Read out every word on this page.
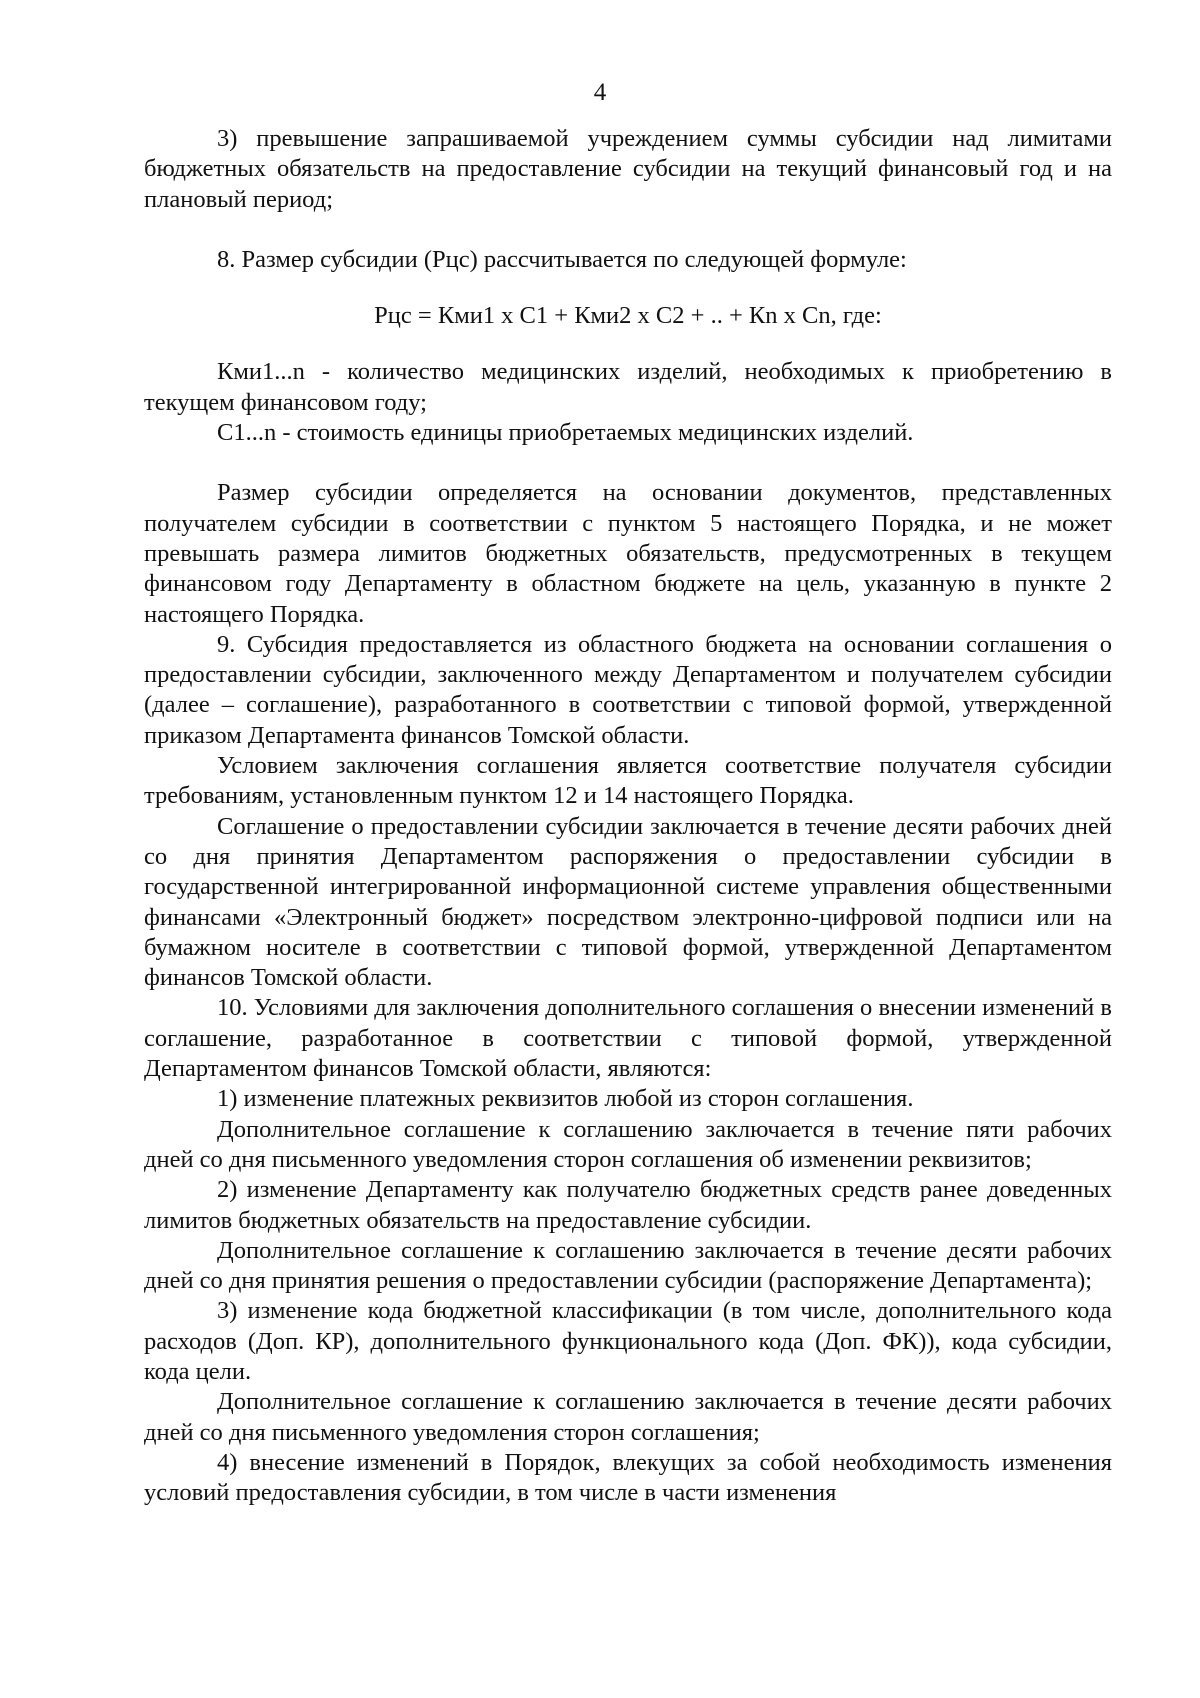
4

3) превышение запрашиваемой учреждением суммы субсидии над лимитами бюджетных обязательств на предоставление субсидии на текущий финансовый год и на плановый период;

8. Размер субсидии (Рцс) рассчитывается по следующей формуле:

Рцс = Кми1 х С1 + Кми2 х С2 + .. + Кn х Сn, где:

Кми1...n - количество медицинских изделий, необходимых к приобретению в текущем финансовом году;

С1...n - стоимость единицы приобретаемых медицинских изделий.

Размер субсидии определяется на основании документов, представленных получателем субсидии в соответствии с пунктом 5 настоящего Порядка, и не может превышать размера лимитов бюджетных обязательств, предусмотренных в текущем финансовом году Департаменту в областном бюджете на цель, указанную в пункте 2 настоящего Порядка.

9. Субсидия предоставляется из областного бюджета на основании соглашения о предоставлении субсидии, заключенного между Департаментом и получателем субсидии (далее – соглашение), разработанного в соответствии с типовой формой, утвержденной приказом Департамента финансов Томской области.

Условием заключения соглашения является соответствие получателя субсидии требованиям, установленным пунктом 12 и 14 настоящего Порядка.

Соглашение о предоставлении субсидии заключается в течение десяти рабочих дней со дня принятия Департаментом распоряжения о предоставлении субсидии в государственной интегрированной информационной системе управления общественными финансами «Электронный бюджет» посредством электронно-цифровой подписи или на бумажном носителе в соответствии с типовой формой, утвержденной Департаментом финансов Томской области.

10. Условиями для заключения дополнительного соглашения о внесении изменений в соглашение, разработанное в соответствии с типовой формой, утвержденной Департаментом финансов Томской области, являются:

1) изменение платежных реквизитов любой из сторон соглашения.

Дополнительное соглашение к соглашению заключается в течение пяти рабочих дней со дня письменного уведомления сторон соглашения об изменении реквизитов;

2) изменение Департаменту как получателю бюджетных средств ранее доведенных лимитов бюджетных обязательств на предоставление субсидии.

Дополнительное соглашение к соглашению заключается в течение десяти рабочих дней со дня принятия решения о предоставлении субсидии (распоряжение Департамента);

3) изменение кода бюджетной классификации (в том числе, дополнительного кода расходов (Доп. КР), дополнительного функционального кода (Доп. ФК)), кода субсидии, кода цели.

Дополнительное соглашение к соглашению заключается в течение десяти рабочих дней со дня письменного уведомления сторон соглашения;

4) внесение изменений в Порядок, влекущих за собой необходимость изменения условий предоставления субсидии, в том числе в части изменения
